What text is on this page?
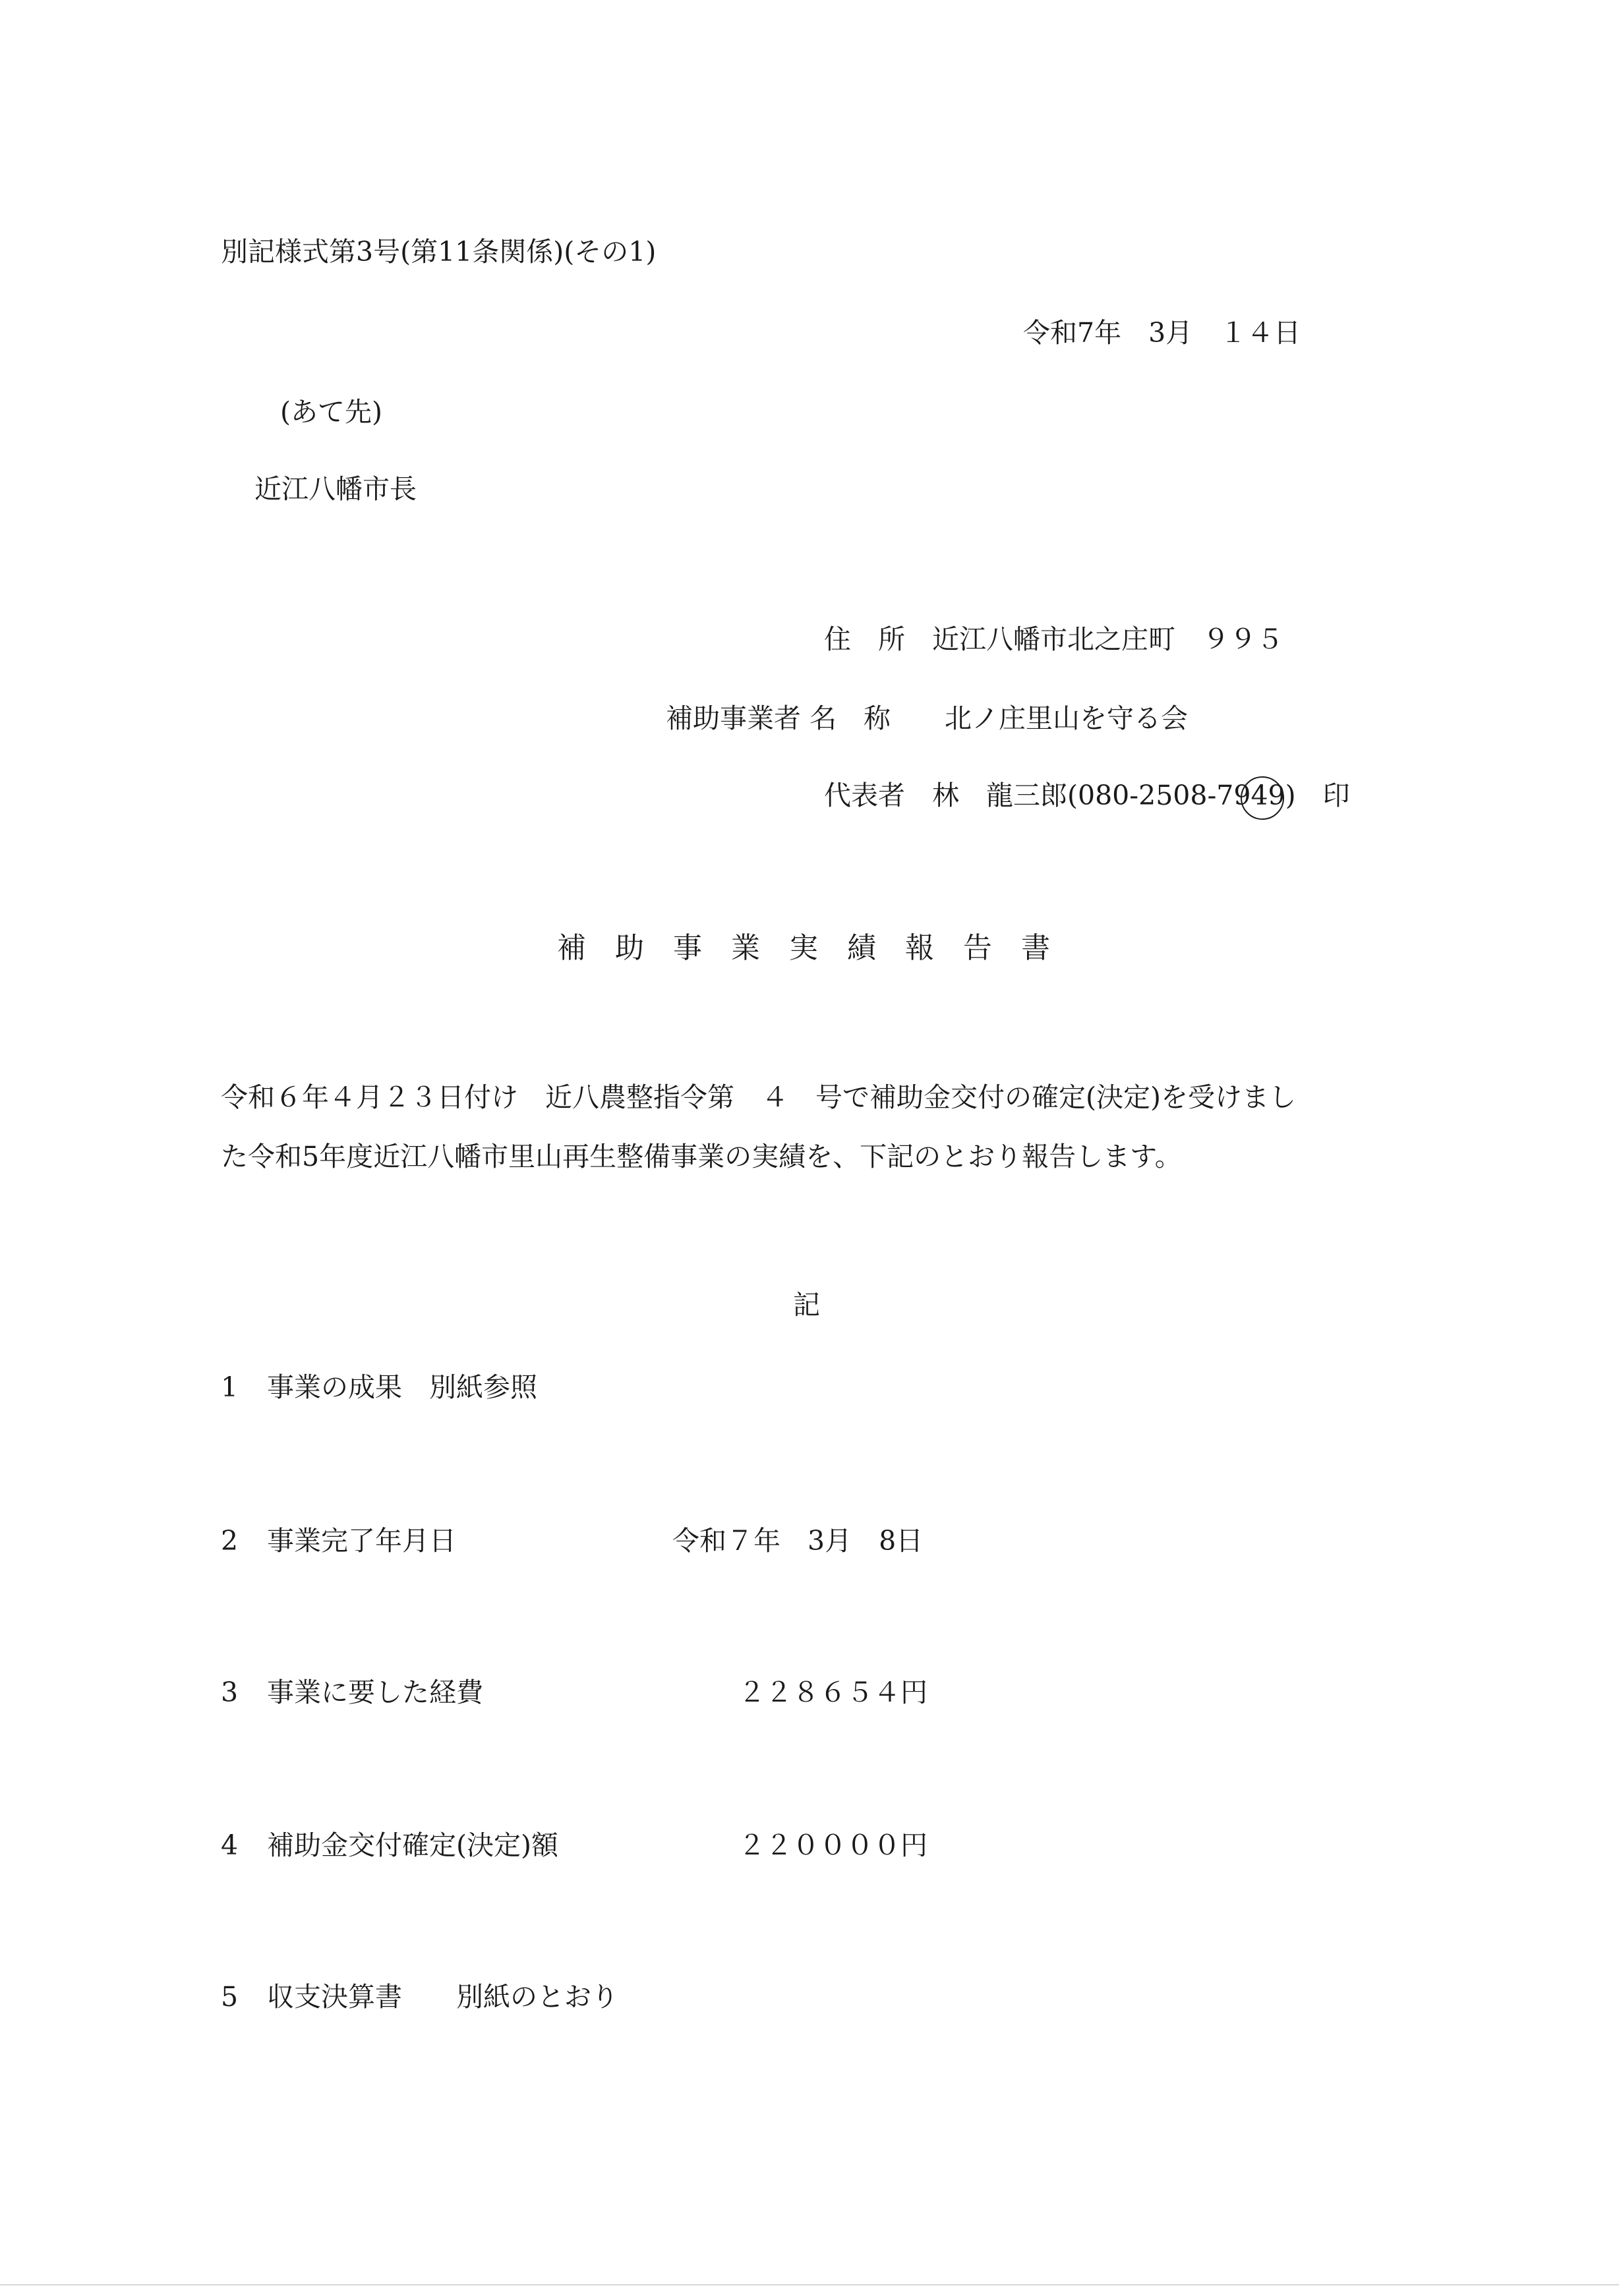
別記様式第3号(第11条関係)(その1)
令和7年　3月　１４日
(あて先)
近江八幡市長
住　所　近江八幡市北之庄町　９９５
補助事業者 名　称　　北ノ庄里山を守る会
代表者　林　龍三郎(080-2508-7949)　印
補　助　事　業　実　績　報　告　書
令和６年４月２３日付け　近八農整指令第　４　号で補助金交付の確定(決定)を受けまし
た令和5年度近江八幡市里山再生整備事業の実績を、下記のとおり報告します。
記

1

事業の成果　別紙参照

2

事業完了年月日

	令和７年　3月　8日

3

事業に要した経費

	２２８６５４円

4

補助金交付確定(決定)額

	２２００００円

5

収支決算書　　別紙のとおり
